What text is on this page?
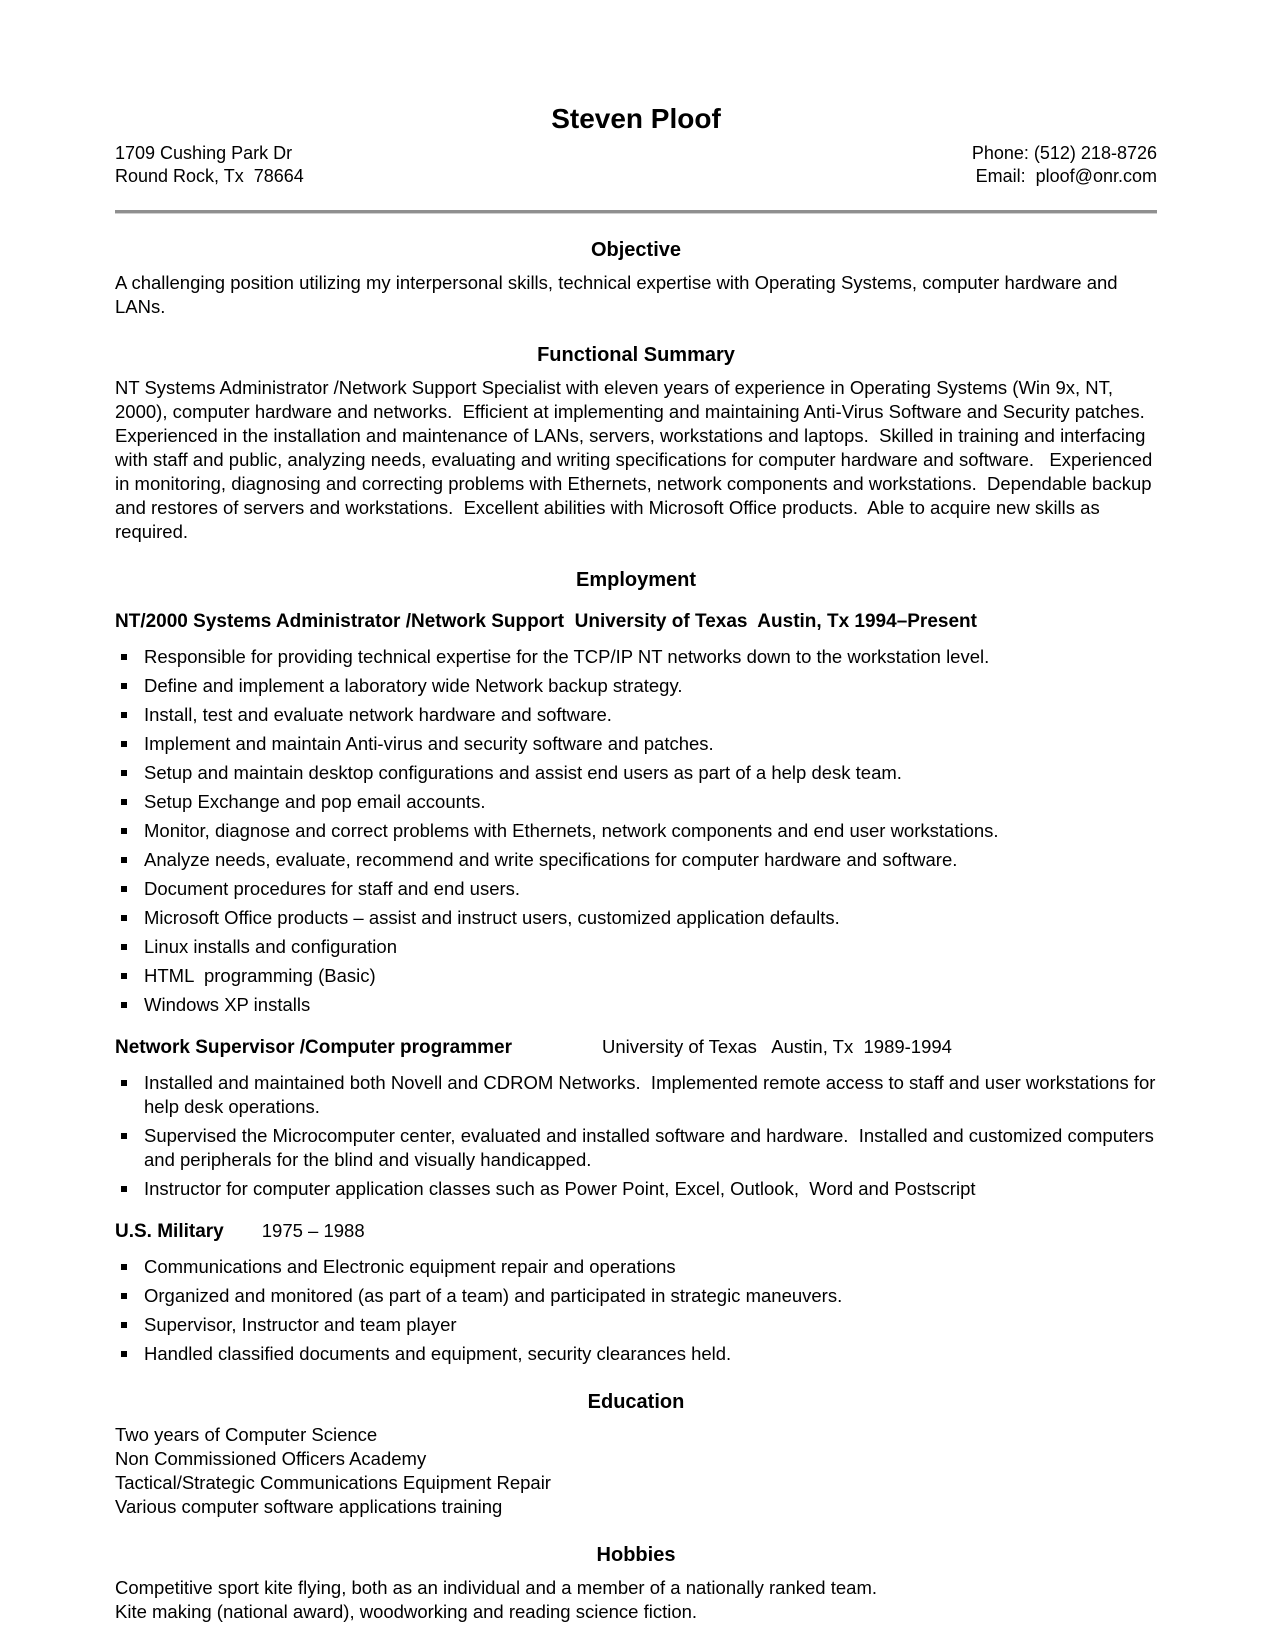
Steven Ploof
1709 Cushing Park Dr
Round Rock, Tx  78664
Phone: (512) 218-8726
Email:  ploof@onr.com
Objective

A challenging position utilizing my interpersonal skills, technical expertise with Operating Systems, computer hardware and LANs.

Functional Summary

NT Systems Administrator /Network Support Specialist with eleven years of experience in Operating Systems (Win 9x, NT, 2000), computer hardware and networks.  Efficient at implementing and maintaining Anti-Virus Software and Security patches.  Experienced in the installation and maintenance of LANs, servers, workstations and laptops.  Skilled in training and interfacing with staff and public, analyzing needs, evaluating and writing specifications for computer hardware and software.   Experienced in monitoring, diagnosing and correcting problems with Ethernets, network components and workstations.  Dependable backup and restores of servers and workstations.  Excellent abilities with Microsoft Office products.  Able to acquire new skills as required.

Employment
NT/2000 Systems Administrator /Network Support  University of Texas  Austin, Tx 1994–Present
Responsible for providing technical expertise for the TCP/IP NT networks down to the workstation level.
Define and implement a laboratory wide Network backup strategy.
Install, test and evaluate network hardware and software.
Implement and maintain Anti-virus and security software and patches.
Setup and maintain desktop configurations and assist end users as part of a help desk team.
Setup Exchange and pop email accounts.
Monitor, diagnose and correct problems with Ethernets, network components and end user workstations.
Analyze needs, evaluate, recommend and write specifications for computer hardware and software.
Document procedures for staff and end users.
Microsoft Office products – assist and instruct users, customized application defaults.
Linux installs and configuration
HTML  programming (Basic)
Windows XP installs
Network Supervisor /Computer programmer	University of Texas   Austin, Tx  1989-1994
Installed and maintained both Novell and CDROM Networks.  Implemented remote access to staff and user workstations for help desk operations.
Supervised the Microcomputer center, evaluated and installed software and hardware.  Installed and customized computers and peripherals for the blind and visually handicapped.
Instructor for computer application classes such as Power Point, Excel, Outlook,  Word and Postscript
U.S. Military 1975 – 1988
Communications and Electronic equipment repair and operations
Organized and monitored (as part of a team) and participated in strategic maneuvers.
Supervisor, Instructor and team player
Handled classified documents and equipment, security clearances held.
Education
Two years of Computer Science
Non Commissioned Officers Academy
Tactical/Strategic Communications Equipment Repair
Various computer software applications training
Hobbies
Competitive sport kite flying, both as an individual and a member of a nationally ranked team.
Kite making (national award), woodworking and reading science fiction.
